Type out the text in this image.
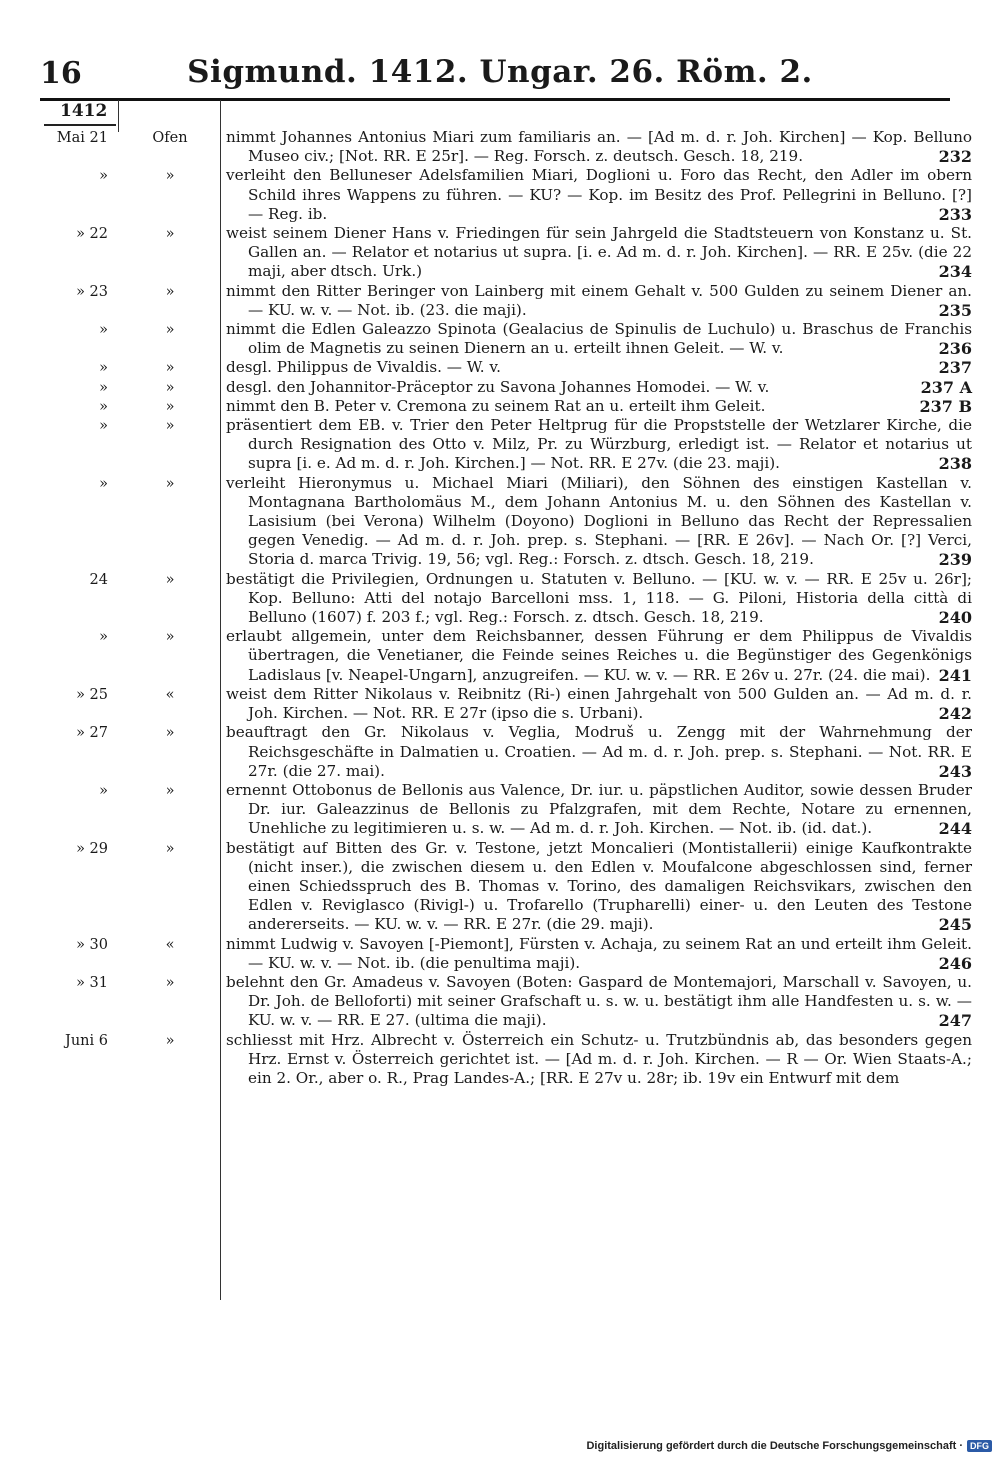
16	Sigmund. 1412. Ungar. 26. Röm. 2.
1412
Mai 21	Ofen	nimmt Johannes Antonius Miari zum familiaris an. — [Ad m. d. r. Joh. Kirchen] — Kop. Belluno Museo civ.; [Not. RR. E 25r]. — Reg. Forsch. z. deutsch. Gesch. 18, 219.	232
»	»	verleiht den Belluneser Adelsfamilien Miari, Doglioni u. Foro das Recht, den Adler im obern Schild ihres Wappens zu führen. — KU? — Kop. im Besitz des Prof. Pellegrini in Belluno. [?] — Reg. ib.	233
» 22	»	weist seinem Diener Hans v. Friedingen für sein Jahrgeld die Stadtsteuern von Konstanz u. St. Gallen an. — Relator et notarius ut supra. [i. e. Ad m. d. r. Joh. Kirchen]. — RR. E 25v. (die 22 maji, aber dtsch. Urk.)	234
» 23	»	nimmt den Ritter Beringer von Lainberg mit einem Gehalt v. 500 Gulden zu seinem Diener an. — KU. w. v. — Not. ib. (23. die maji).	235
»	»	nimmt die Edlen Galeazzo Spinota (Gealacius de Spinulis de Luchulo) u. Braschus de Franchis olim de Magnetis zu seinen Dienern an u. erteilt ihnen Geleit. — W. v.	236
»	»	desgl. Philippus de Vivaldis. — W. v.	237
»	»	desgl. den Johannitor-Präceptor zu Savona Johannes Homodei. — W. v.	237 A
»	»	nimmt den B. Peter v. Cremona zu seinem Rat an u. erteilt ihm Geleit.	237 B
»	»	präsentiert dem EB. v. Trier den Peter Heltprug für die Propststelle der Wetzlarer Kirche, die durch Resignation des Otto v. Milz, Pr. zu Würzburg, erledigt ist. — Relator et notarius ut supra [i. e. Ad m. d. r. Joh. Kirchen.] — Not. RR. E 27v. (die 23. maji).	238
»	»	verleiht Hieronymus u. Michael Miari (Miliari), den Söhnen des einstigen Kastellan v. Montagnana Bartholomäus M., dem Johann Antonius M. u. den Söhnen des Kastellan v. Lasisium (bei Verona) Wilhelm (Doyono) Doglioni in Belluno das Recht der Repressalien gegen Venedig. — Ad m. d. r. Joh. prep. s. Stephani. — [RR. E 26v]. — Nach Or. [?] Verci, Storia d. marca Trivig. 19, 56; vgl. Reg.: Forsch. z. dtsch. Gesch. 18, 219.	239
24	»	bestätigt die Privilegien, Ordnungen u. Statuten v. Belluno. — [KU. w. v. — RR. E 25v u. 26r]; Kop. Belluno: Atti del notajo Barcelloni mss. 1, 118. — G. Piloni, Historia della città di Belluno (1607) f. 203 f.; vgl. Reg.: Forsch. z. dtsch. Gesch. 18, 219.	240
»	»	erlaubt allgemein, unter dem Reichsbanner, dessen Führung er dem Philippus de Vivaldis übertragen, die Venetianer, die Feinde seines Reiches u. die Begünstiger des Gegenkönigs Ladislaus [v. Neapel-Ungarn], anzugreifen. — KU. w. v. — RR. E 26v u. 27r. (24. die mai). 241
» 25	«	weist dem Ritter Nikolaus v. Reibnitz (Ri-) einen Jahrgehalt von 500 Gulden an. — Ad m. d. r. Joh. Kirchen. — Not. RR. E 27r (ipso die s. Urbani).	242
» 27	»	beauftragt den Gr. Nikolaus v. Veglia, Modruš u. Zengg mit der Wahrnehmung der Reichsgeschäfte in Dalmatien u. Croatien. — Ad m. d. r. Joh. prep. s. Stephani. — Not. RR. E 27r. (die 27. mai).	243
»	»	ernennt Ottobonus de Bellonis aus Valence, Dr. iur. u. päpstlichen Auditor, sowie dessen Bruder Dr. iur. Galeazzinus de Bellonis zu Pfalzgrafen, mit dem Rechte, Notare zu ernennen, Unehliche zu legitimieren u. s. w. — Ad m. d. r. Joh. Kirchen. — Not. ib. (id. dat.).	244
» 29	»	bestätigt auf Bitten des Gr. v. Testone, jetzt Moncalieri (Montistallerii) einige Kaufkontrakte (nicht inser.), die zwischen diesem u. den Edlen v. Moufalcone abgeschlossen sind, ferner einen Schiedsspruch des B. Thomas v. Torino, des damaligen Reichsvikars, zwischen den Edlen v. Reviglasco (Rivigl-) u. Trofarello (Trupharelli) einer- u. den Leuten des Testone andererseits. — KU. w. v. — RR. E 27r. (die 29. maji).	245
» 30	«	nimmt Ludwig v. Savoyen [-Piemont], Fürsten v. Achaja, zu seinem Rat an und erteilt ihm Geleit. — KU. w. v. — Not. ib. (die penultima maji).	246
» 31	»	belehnt den Gr. Amadeus v. Savoyen (Boten: Gaspard de Montemajori, Marschall v. Savoyen, u. Dr. Joh. de Belloforti) mit seiner Grafschaft u. s. w. u. bestätigt ihm alle Handfesten u. s. w. — KU. w. v. — RR. E 27. (ultima die maji).	247
Juni 6	»	schliesst mit Hrz. Albrecht v. Österreich ein Schutz- u. Trutzbündnis ab, das besonders gegen Hrz. Ernst v. Österreich gerichtet ist. — [Ad m. d. r. Joh. Kirchen. — R — Or. Wien Staats-A.; ein 2. Or., aber o. R., Prag Landes-A.; [RR. E 27v u. 28r; ib. 19v ein Entwurf mit dem
Digitalisierung gefördert durch die Deutsche Forschungsgemeinschaft · DFG
